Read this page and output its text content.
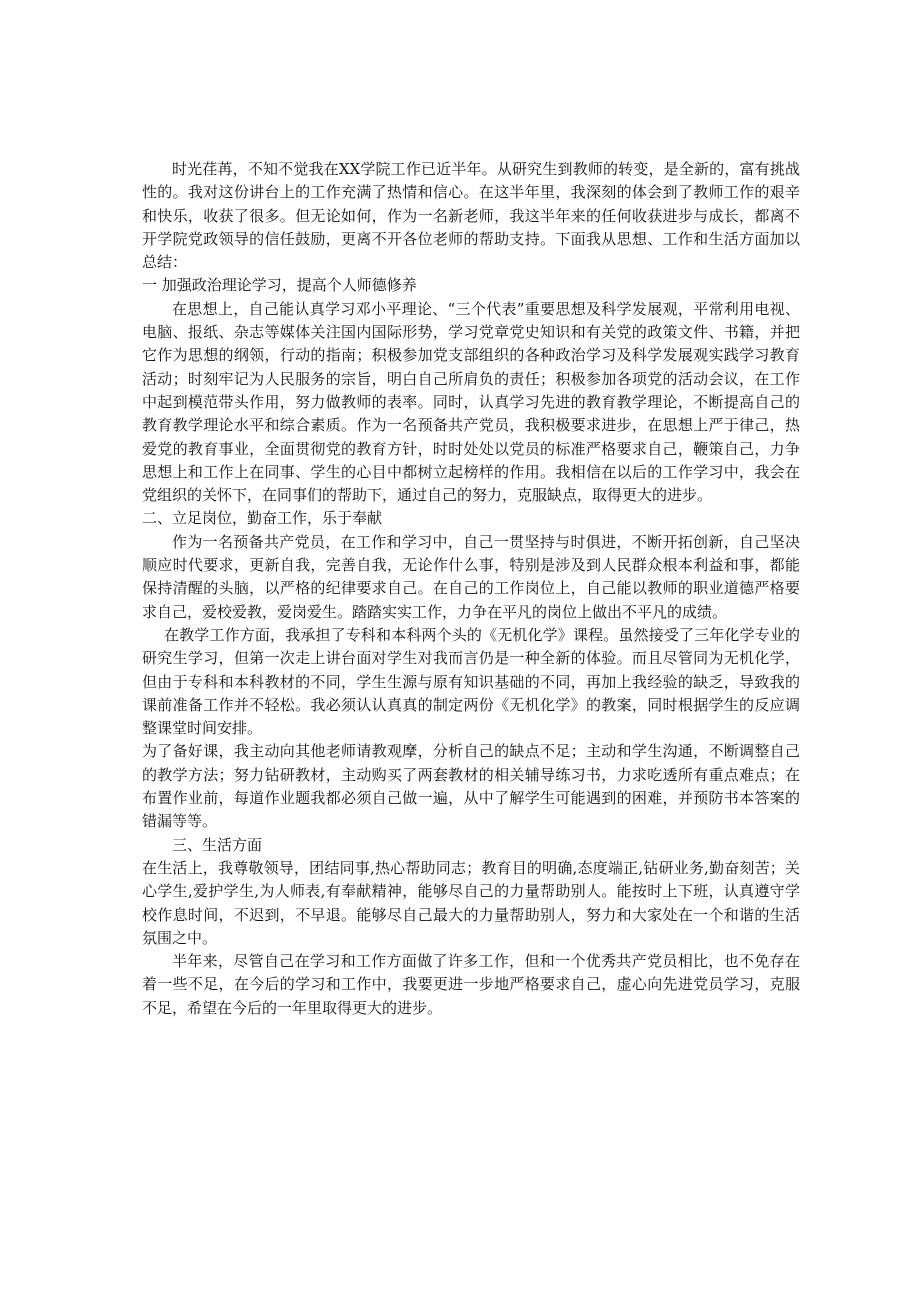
时光荏苒，不知不觉我在XX学院工作已近半年。从研究生到教师的转变，是全新的，富有挑战性的。我对这份讲台上的工作充满了热情和信心。在这半年里，我深刻的体会到了教师工作的艰辛和快乐，收获了很多。但无论如何，作为一名新老师，我这半年来的任何收获进步与成长，都离不开学院党政领导的信任鼓励，更离不开各位老师的帮助支持。下面我从思想、工作和生活方面加以总结：

一 加强政治理论学习，提高个人师德修养

在思想上，自己能认真学习邓小平理论、“三个代表”重要思想及科学发展观，平常利用电视、电脑、报纸、杂志等媒体关注国内国际形势，学习党章党史知识和有关党的政策文件、书籍，并把它作为思想的纲领，行动的指南；积极参加党支部组织的各种政治学习及科学发展观实践学习教育活动；时刻牢记为人民服务的宗旨，明白自己所肩负的责任；积极参加各项党的活动会议，在工作中起到模范带头作用，努力做教师的表率。同时，认真学习先进的教育教学理论，不断提高自己的教育教学理论水平和综合素质。作为一名预备共产党员，我积极要求进步，在思想上严于律己，热爱党的教育事业，全面贯彻党的教育方针，时时处处以党员的标准严格要求自己，鞭策自己，力争思想上和工作上在同事、学生的心目中都树立起榜样的作用。我相信在以后的工作学习中，我会在党组织的关怀下，在同事们的帮助下，通过自己的努力，克服缺点，取得更大的进步。

二、立足岗位，勤奋工作，乐于奉献

作为一名预备共产党员，在工作和学习中，自己一贯坚持与时俱进，不断开拓创新，自己坚决顺应时代要求，更新自我，完善自我，无论作什么事，特别是涉及到人民群众根本利益和事，都能保持清醒的头脑，以严格的纪律要求自己。在自己的工作岗位上，自己能以教师的职业道德严格要求自己，爱校爱教，爱岗爱生。踏踏实实工作，力争在平凡的岗位上做出不平凡的成绩。

在教学工作方面，我承担了专科和本科两个头的《无机化学》课程。虽然接受了三年化学专业的研究生学习，但第一次走上讲台面对学生对我而言仍是一种全新的体验。而且尽管同为无机化学，但由于专科和本科教材的不同，学生生源与原有知识基础的不同，再加上我经验的缺乏，导致我的课前准备工作并不轻松。我必须认认真真的制定两份《无机化学》的教案，同时根据学生的反应调整课堂时间安排。

为了备好课，我主动向其他老师请教观摩，分析自己的缺点不足；主动和学生沟通，不断调整自己的教学方法；努力钻研教材，主动购买了两套教材的相关辅导练习书，力求吃透所有重点难点；在布置作业前，每道作业题我都必须自己做一遍，从中了解学生可能遇到的困难，并预防书本答案的错漏等等。

三、生活方面

在生活上，我尊敬领导，团结同事,热心帮助同志；教育目的明确,态度端正,钻研业务,勤奋刻苦；关心学生,爱护学生,为人师表,有奉献精神，能够尽自己的力量帮助别人。能按时上下班，认真遵守学校作息时间，不迟到，不早退。能够尽自己最大的力量帮助别人，努力和大家处在一个和谐的生活氛围之中。

半年来，尽管自己在学习和工作方面做了许多工作，但和一个优秀共产党员相比，也不免存在着一些不足，在今后的学习和工作中，我要更进一步地严格要求自己，虚心向先进党员学习，克服不足，希望在今后的一年里取得更大的进步。
